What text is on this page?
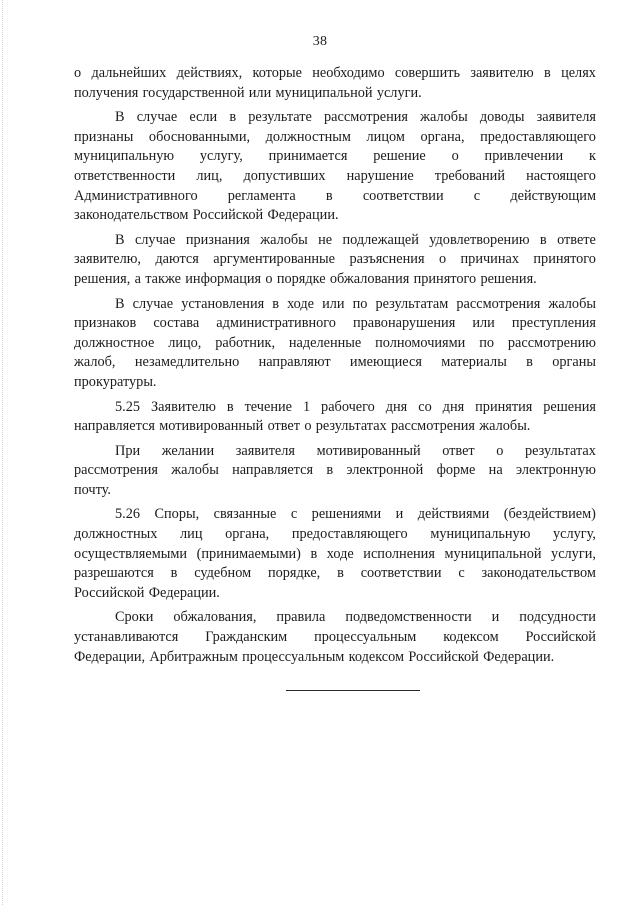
38
о дальнейших действиях, которые необходимо совершить заявителю в целях
получения государственной или муниципальной услуги.
В случае если в результате рассмотрения жалобы доводы заявителя
признаны обоснованными, должностным лицом органа, предоставляющего
муниципальную услугу, принимается решение о привлечении к
ответственности лиц, допустивших нарушение требований настоящего
Административного регламента в соответствии с действующим
законодательством Российской Федерации.
В случае признания жалобы не подлежащей удовлетворению в ответе
заявителю, даются аргументированные разъяснения о причинах принятого
решения, а также информация о порядке обжалования принятого решения.
В случае установления в ходе или по результатам рассмотрения жалобы
признаков состава административного правонарушения или преступления
должностное лицо, работник, наделенные полномочиями по рассмотрению
жалоб, незамедлительно направляют имеющиеся материалы в органы
прокуратуры.
5.25 Заявителю в течение 1 рабочего дня со дня принятия решения
направляется мотивированный ответ о результатах рассмотрения жалобы.
При желании заявителя мотивированный ответ о результатах
рассмотрения жалобы направляется в электронной форме на электронную
почту.
5.26 Споры, связанные с решениями и действиями (бездействием)
должностных лиц органа, предоставляющего муниципальную услугу,
осуществляемыми (принимаемыми) в ходе исполнения муниципальной услуги,
разрешаются в судебном порядке, в соответствии с законодательством
Российской Федерации.
Сроки обжалования, правила подведомственности и подсудности
устанавливаются Гражданским процессуальным кодексом Российской
Федерации, Арбитражным процессуальным кодексом Российской Федерации.
